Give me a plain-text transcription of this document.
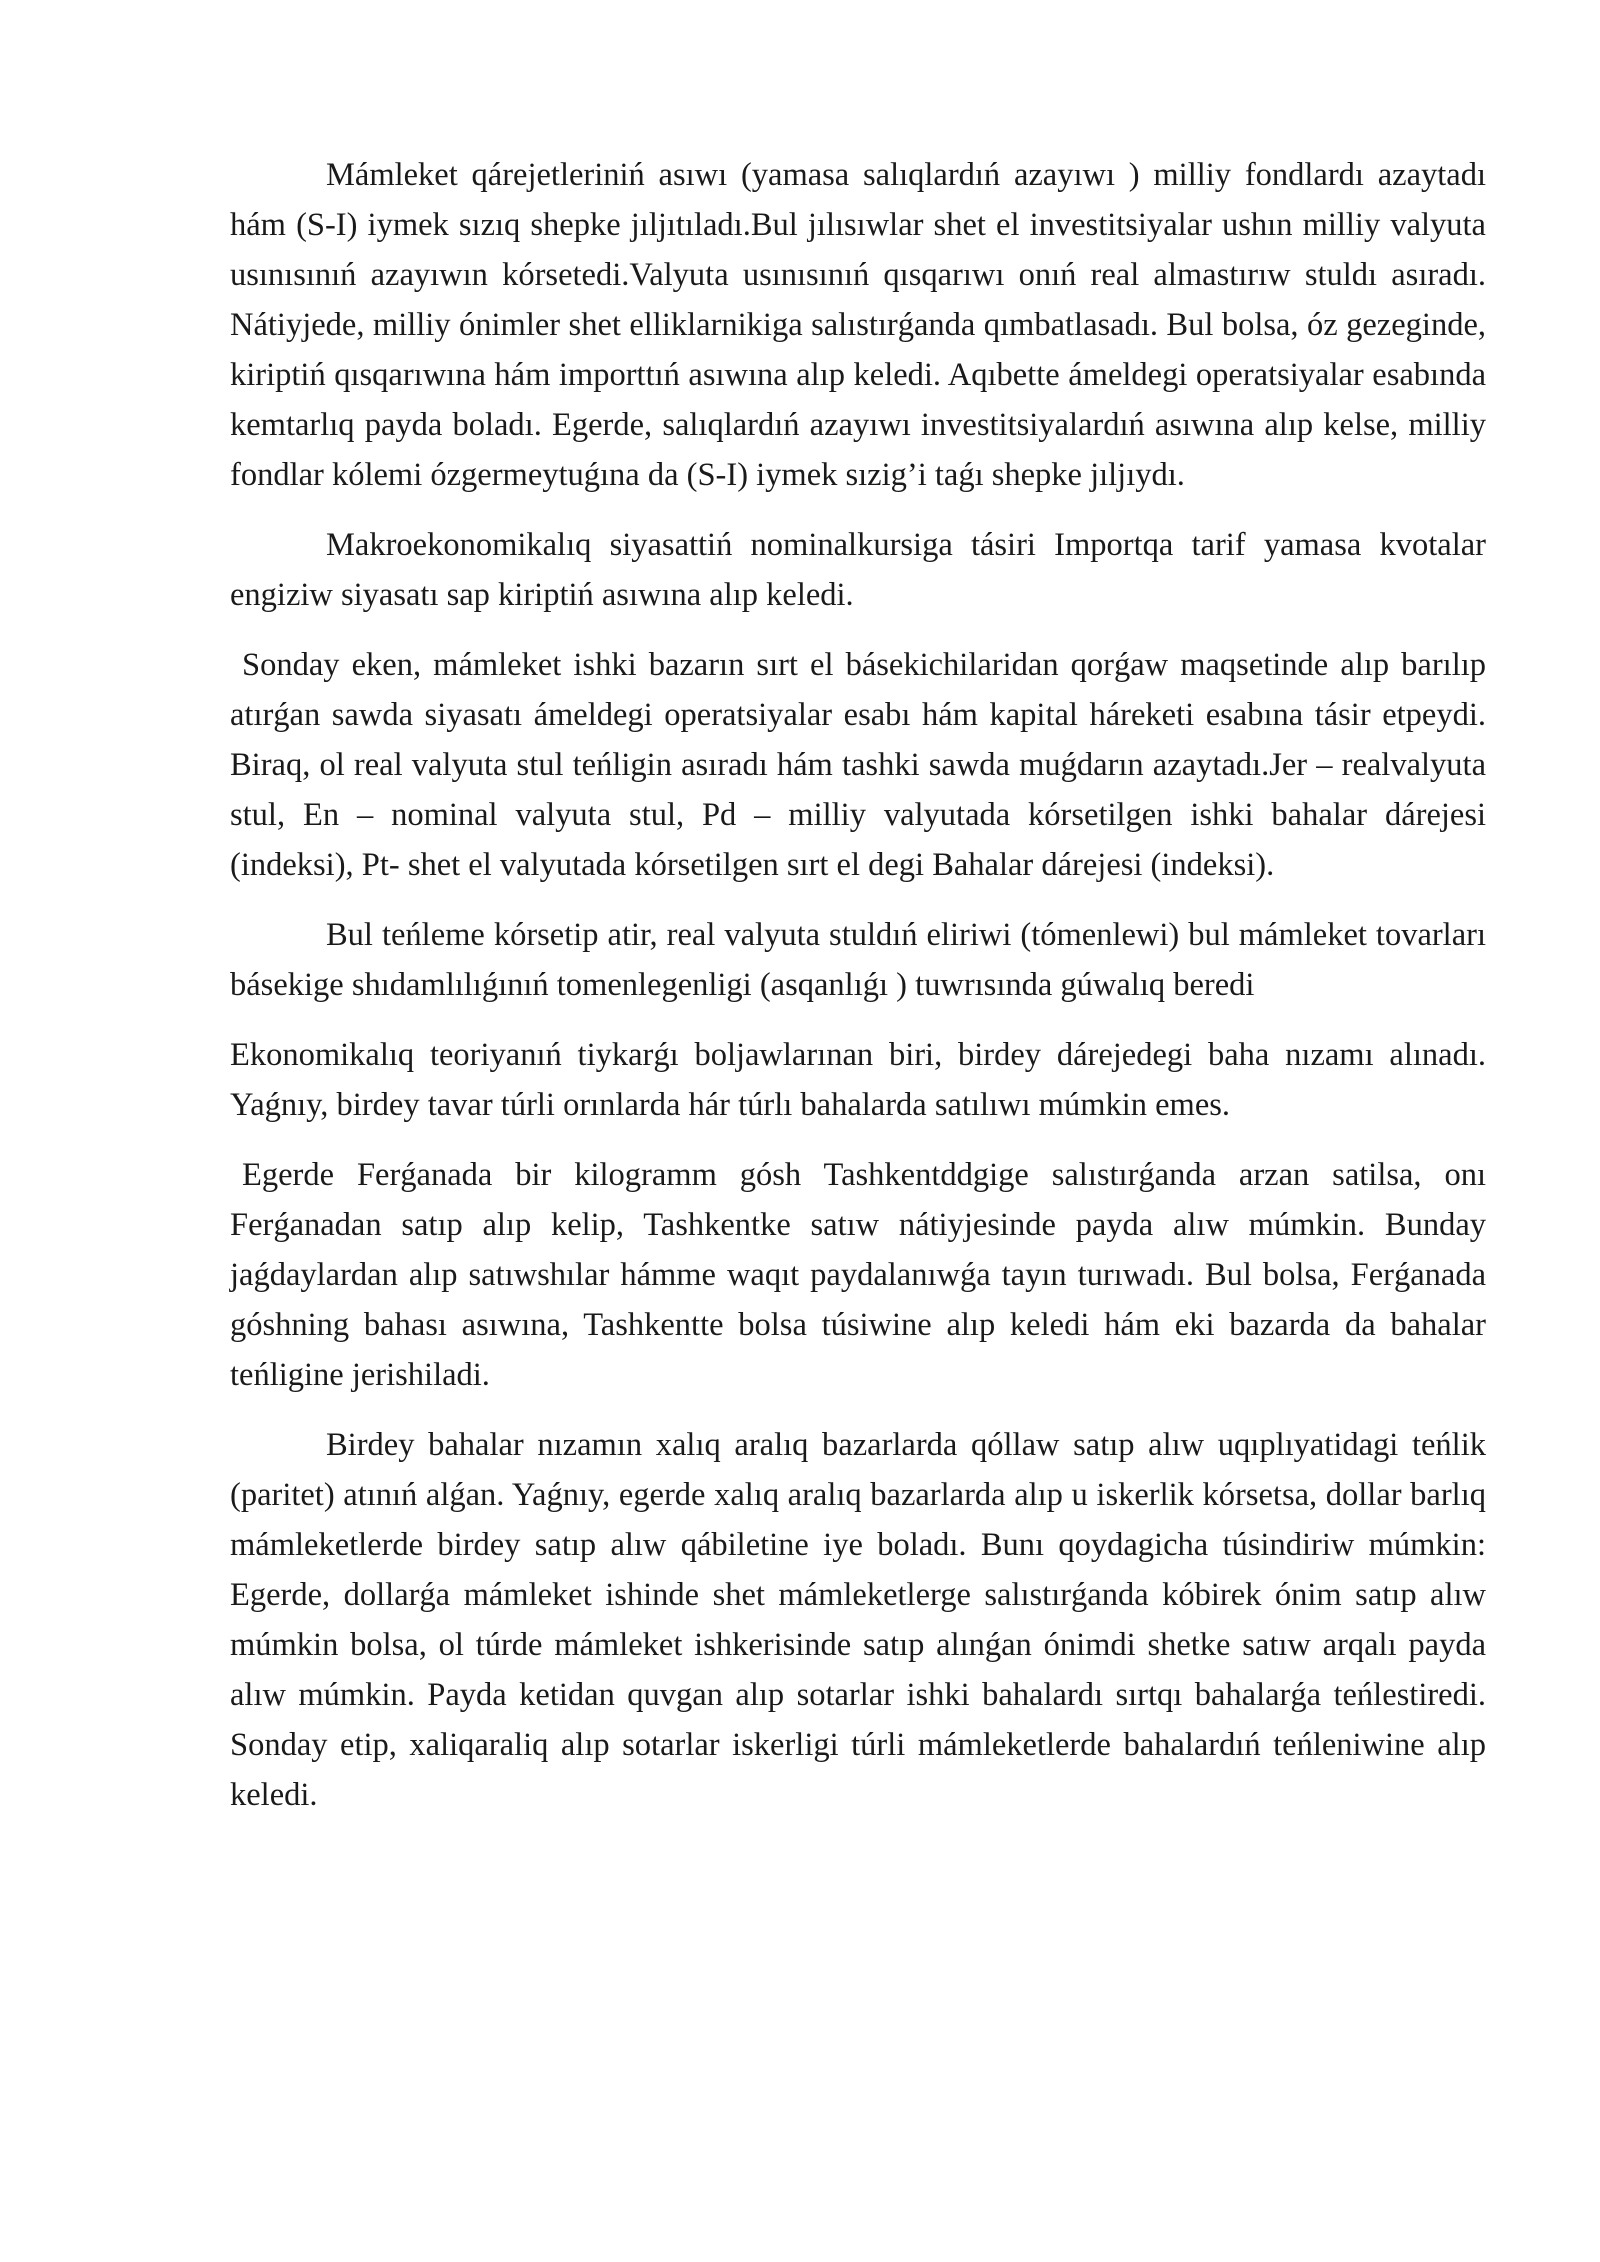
Mámleket qárejetleriniń asıwı (yamasa salıqlardıń azayıwı ) milliy fondlardı azaytadı hám (S-I) iymek sızıq shepke jıljıtıladı.Bul jılısıwlar shet el investitsiyalar ushın milliy valyuta usınısınıń azayıwın kórsetedi.Valyuta usınısınıń qısqarıwı onıń real almastırıw stuldı asıradı. Nátiyjede, milliy ónimler shet elliklarnikiga salıstırǵanda qımbatlasadı. Bul bolsa, óz gezeginde, kiriptiń qısqarıwına hám importtıń asıwına alıp keledi. Aqıbette ámeldegi operatsiyalar esabında kemtarlıq payda boladı. Egerde, salıqlardıń azayıwı investitsiyalardıń asıwına alıp kelse, milliy fondlar kólemi ózgermeytuǵına da (S-I) iymek sızig’i taǵı shepke jıljıydı.

Makroekonomikalıq siyasattiń nominalkursiga tásiri Importqa tarif yamasa kvotalar engiziw siyasatı sap kiriptiń asıwına alıp keledi.

Sonday eken, mámleket ishki bazarın sırt el básekichilaridan qorǵaw maqsetinde alıp barılıp atırǵan sawda siyasatı ámeldegi operatsiyalar esabı hám kapital háreketi esabına tásir etpeydi. Biraq, ol real valyuta stul teńligin asıradı hám tashki sawda muǵdarın azaytadı.Jer – realvalyuta stul, En – nominal valyuta stul, Pd – milliy valyutada kórsetilgen ishki bahalar dárejesi (indeksi), Pt- shet el valyutada kórsetilgen sırt el degi Bahalar dárejesi (indeksi).

Bul teńleme kórsetip atir, real valyuta stuldıń eliriwi (tómenlewi) bul mámleket tovarları básekige shıdamlılıǵınıń tomenlegenligi (asqanlıǵı ) tuwrısında gúwalıq beredi

Ekonomikalıq teoriyanıń tiykarǵı boljawlarınan biri, birdey dárejedegi baha nızamı alınadı. Yaǵnıy, birdey tavar túrli orınlarda hár túrlı bahalarda satılıwı múmkin emes.

Egerde Ferǵanada bir kilogramm gósh Tashkentddgige salıstırǵanda arzan satilsa, onı Ferǵanadan satıp alıp kelip, Tashkentke satıw nátiyjesinde payda alıw múmkin. Bunday jaǵdaylardan alıp satıwshılar hámme waqıt paydalanıwǵa tayın turıwadı. Bul bolsa, Ferǵanada góshning bahası asıwına, Tashkentte bolsa túsiwine alıp keledi hám eki bazarda da bahalar teńligine jerishiladi.

Birdey bahalar nızamın xalıq aralıq bazarlarda qóllaw satıp alıw uqıplıyatidagi teńlik (paritet) atınıń alǵan. Yaǵnıy, egerde xalıq aralıq bazarlarda alıp u iskerlik kórsetsa, dollar barlıq mámleketlerde birdey satıp alıw qábiletine iye boladı. Bunı qoydagicha túsindiriw múmkin: Egerde, dollarǵa mámleket ishinde shet mámleketlerge salıstırǵanda kóbirek ónim satıp alıw múmkin bolsa, ol túrde mámleket ishkerisinde satıp alınǵan ónimdi shetke satıw arqalı payda alıw múmkin. Payda ketidan quvgan alıp sotarlar ishki bahalardı sırtqı bahalarǵa teńlestiredi. Sonday etip, xaliqaraliq alıp sotarlar iskerligi túrli mámleketlerde bahalardıń teńleniwine alıp keledi.
